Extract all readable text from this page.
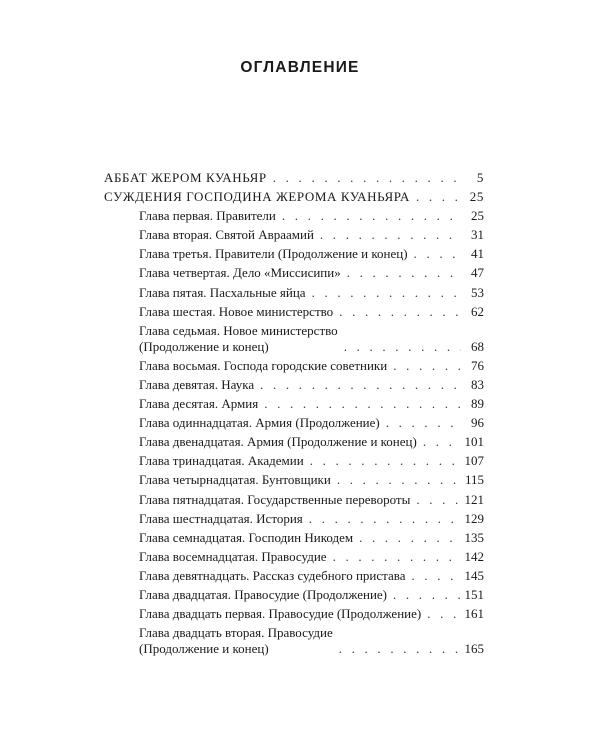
ОГЛАВЛЕНИЕ
АББАТ ЖЕРОМ КУАНЬЯР . . .	5
СУЖДЕНИЯ ГОСПОДИНА ЖЕРОМА КУАНЬЯРА . . .	25
Глава первая. Правители . . .	25
Глава вторая. Святой Авраамий . . .	31
Глава третья. Правители (Продолжение и конец) . . .	41
Глава четвертая. Дело «Миссисипи» . . .	47
Глава пятая. Пасхальные яйца . . .	53
Глава шестая. Новое министерство . . .	62
Глава седьмая. Новое министерство
(Продолжение и конец) . . .	68
Глава восьмая. Господа городские советники . . .	76
Глава девятая. Наука . . .	83
Глава десятая. Армия . . .	89
Глава одиннадцатая. Армия (Продолжение) . . .	96
Глава двенадцатая. Армия (Продолжение и конец) . . .	101
Глава тринадцатая. Академии . . .	107
Глава четырнадцатая. Бунтовщики . . .	115
Глава пятнадцатая. Государственные перевороты . . .	121
Глава шестнадцатая. История . . .	129
Глава семнадцатая. Господин Никодем . . .	135
Глава восемнадцатая. Правосудие . . .	142
Глава девятнадцать. Рассказ судебного пристава . . .	145
Глава двадцатая. Правосудие (Продолжение) . . .	151
Глава двадцать первая. Правосудие (Продолжение) . . .	161
Глава двадцать вторая. Правосудие
(Продолжение и конец) . . .	165
